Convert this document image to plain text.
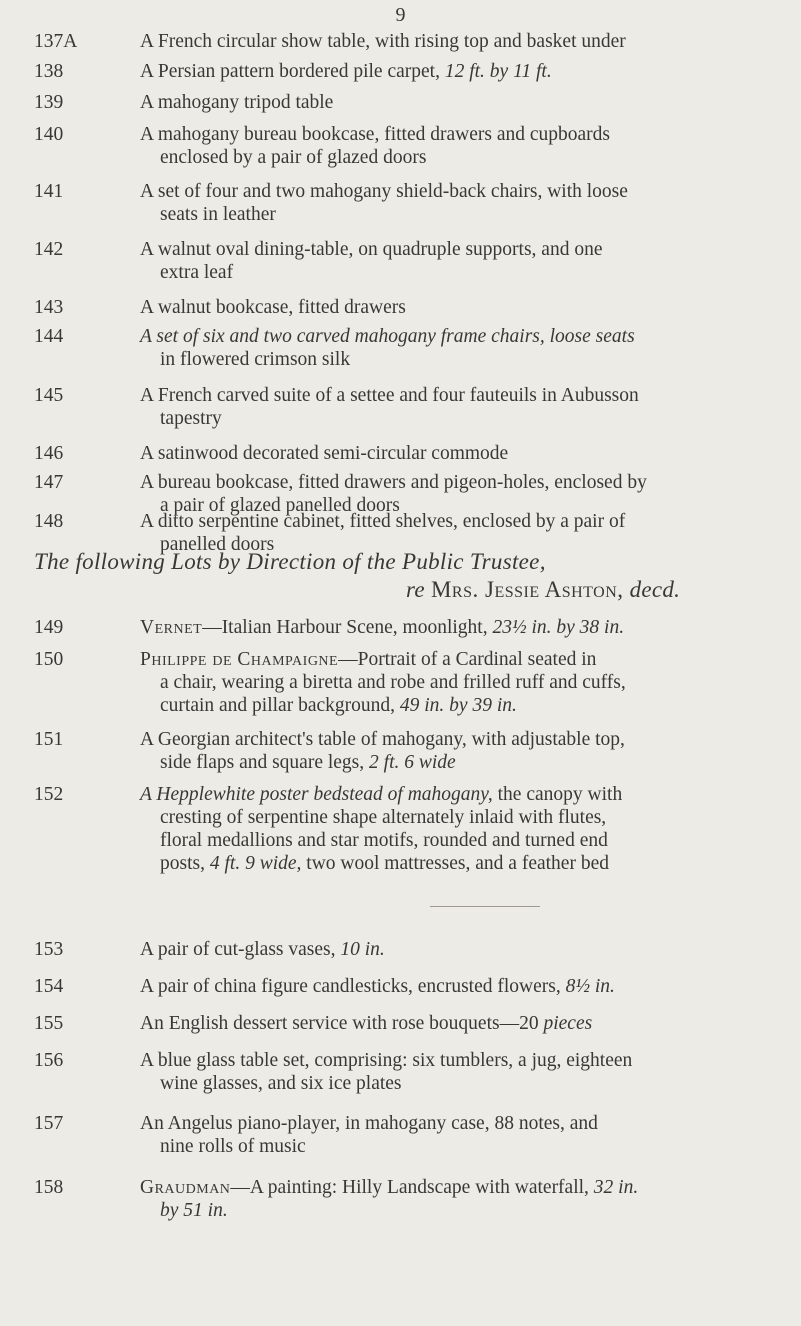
9
137A	A French circular show table, with rising top and basket under
138	A Persian pattern bordered pile carpet, 12 ft. by 11 ft.
139	A mahogany tripod table
140	A mahogany bureau bookcase, fitted drawers and cupboards
enclosed by a pair of glazed doors
141	A set of four and two mahogany shield-back chairs, with loose
seats in leather
142	A walnut oval dining-table, on quadruple supports, and one
extra leaf
143	A walnut bookcase, fitted drawers
144	A set of six and two carved mahogany frame chairs, loose seats
in flowered crimson silk
145	A French carved suite of a settee and four fauteuils in Aubusson
tapestry
146	A satinwood decorated semi-circular commode
147	A bureau bookcase, fitted drawers and pigeon-holes, enclosed by
a pair of glazed panelled doors
148	A ditto serpentine cabinet, fitted shelves, enclosed by a pair of
panelled doors
The following Lots by Direction of the Public Trustee,
re Mrs. Jessie Ashton, decd.
149	Vernet—Italian Harbour Scene, moonlight, 23½ in. by 38 in.
150	Philippe de Champaigne—Portrait of a Cardinal seated in
a chair, wearing a biretta and robe and frilled ruff and cuffs,
curtain and pillar background, 49 in. by 39 in.
151	A Georgian architect's table of mahogany, with adjustable top,
side flaps and square legs, 2 ft. 6 wide
152	A Hepplewhite poster bedstead of mahogany, the canopy with
cresting of serpentine shape alternately inlaid with flutes,
floral medallions and star motifs, rounded and turned end
posts, 4 ft. 9 wide, two wool mattresses, and a feather bed
153	A pair of cut-glass vases, 10 in.
154	A pair of china figure candlesticks, encrusted flowers, 8½ in.
155	An English dessert service with rose bouquets—20 pieces
156	A blue glass table set, comprising: six tumblers, a jug, eighteen
wine glasses, and six ice plates
157	An Angelus piano-player, in mahogany case, 88 notes, and
nine rolls of music
158	Graudman—A painting: Hilly Landscape with waterfall, 32 in.
by 51 in.
